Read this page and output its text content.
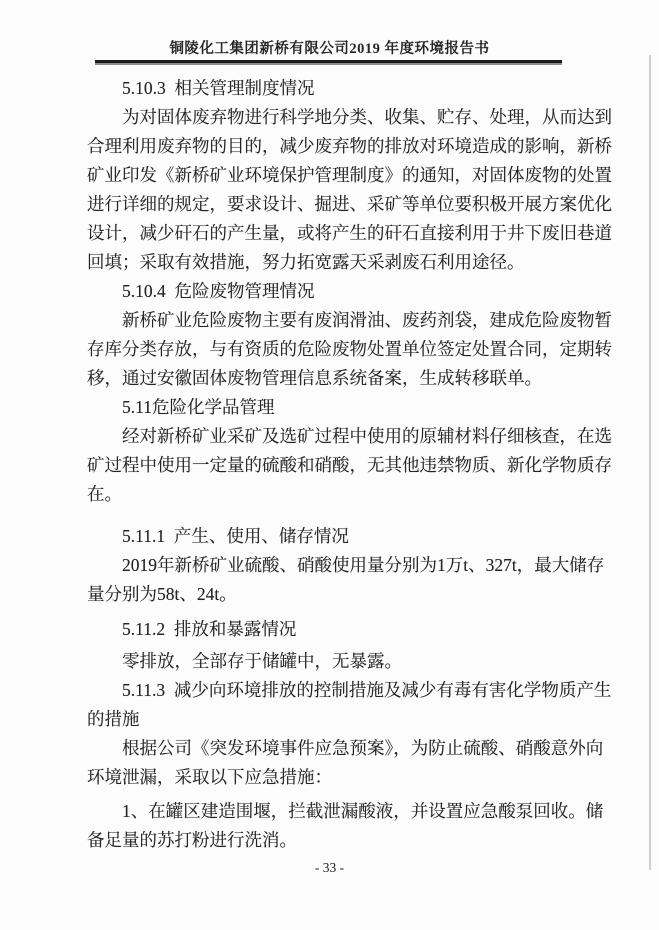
铜陵化工集团新桥有限公司2019 年度环境报告书
5.10.3  相关管理制度情况
为对固体废弃物进行科学地分类、收集、贮存、处理，从而达到
合理利用废弃物的目的，减少废弃物的排放对环境造成的影响，新桥
矿业印发《新桥矿业环境保护管理制度》的通知，对固体废物的处置
进行详细的规定，要求设计、掘进、采矿等单位要积极开展方案优化
设计，减少矸石的产生量，或将产生的矸石直接利用于井下废旧巷道
回填；采取有效措施，努力拓宽露天采剥废石利用途径。
5.10.4  危险废物管理情况
新桥矿业危险废物主要有废润滑油、废药剂袋，建成危险废物暂
存库分类存放，与有资质的危险废物处置单位签定处置合同，定期转
移，通过安徽固体废物管理信息系统备案，生成转移联单。
5.11危险化学品管理
经对新桥矿业采矿及选矿过程中使用的原辅材料仔细核查，在选
矿过程中使用一定量的硫酸和硝酸，无其他违禁物质、新化学物质存
在。
5.11.1  产生、使用、储存情况
2019年新桥矿业硫酸、硝酸使用量分别为1万t、327t，最大储存
量分别为58t、24t。
5.11.2  排放和暴露情况
零排放，全部存于储罐中，无暴露。
5.11.3  减少向环境排放的控制措施及减少有毒有害化学物质产生
的措施
根据公司《突发环境事件应急预案》，为防止硫酸、硝酸意外向
环境泄漏，采取以下应急措施：
1、在罐区建造围堰，拦截泄漏酸液，并设置应急酸泵回收。储
备足量的苏打粉进行洗消。
- 33 -
